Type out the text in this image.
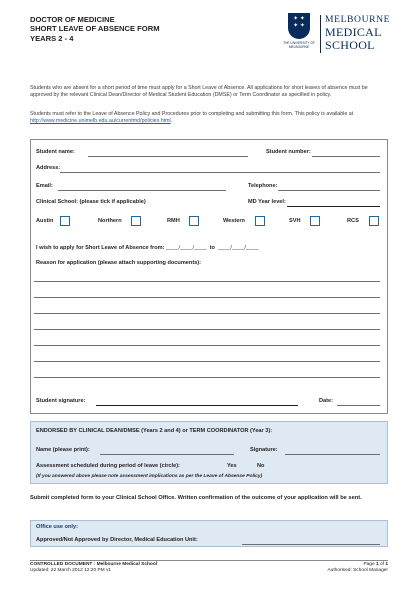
DOCTOR OF MEDICINE
SHORT LEAVE OF ABSENCE FORM
YEARS 2 - 4
✦ ✦
✦ ✦
THE UNIVERSITY OF MELBOURNE
MELBOURNE
MEDICAL
SCHOOL
Students who are absent for a short period of time must apply for a Short Leave of Absence. All applications for short leaves of absence must be approved by the relevant Clinical Dean/Director of Medical Student Education (DMSE) or Term Coordinator as specified in policy.
Students must refer to the Leave of Absence Policy and Procedures prior to completing and submitting this form. This policy is available at http://www.medicine.unimelb.edu.au/currentmd/policies.html.
Student name:	Student number:
Address:
Email:	Telephone:
Clinical School: (please tick if applicable)	MD Year level:
Austin	Northern	RMH	Western	SVH	RCS
I wish to apply for Short Leave of Absence from: ____/____/____ to ____/____/____
Reason for application (please attach supporting documents):
Student signature:	Date:
ENDORSED BY CLINICAL DEAN/DMSE (Years 2 and 4) or TERM COORDINATOR (Year 3):
Name (please print):	Signature:
Assessment scheduled during period of leave (circle):	Yes	No
(If you answered above please note assessment implications as per the Leave of Absense Policy)
Submit completed form to your Clinical School Office. Written confirmation of the outcome of your application will be sent.
Office use only:
Approved/Not Approved by Director, Medical Education Unit:
CONTROLLED DOCUMENT : Melbourne Medical School
Updated: 22 March 2012 12:20 PM v1
Page 1 of 1
Authorised: School Manager
